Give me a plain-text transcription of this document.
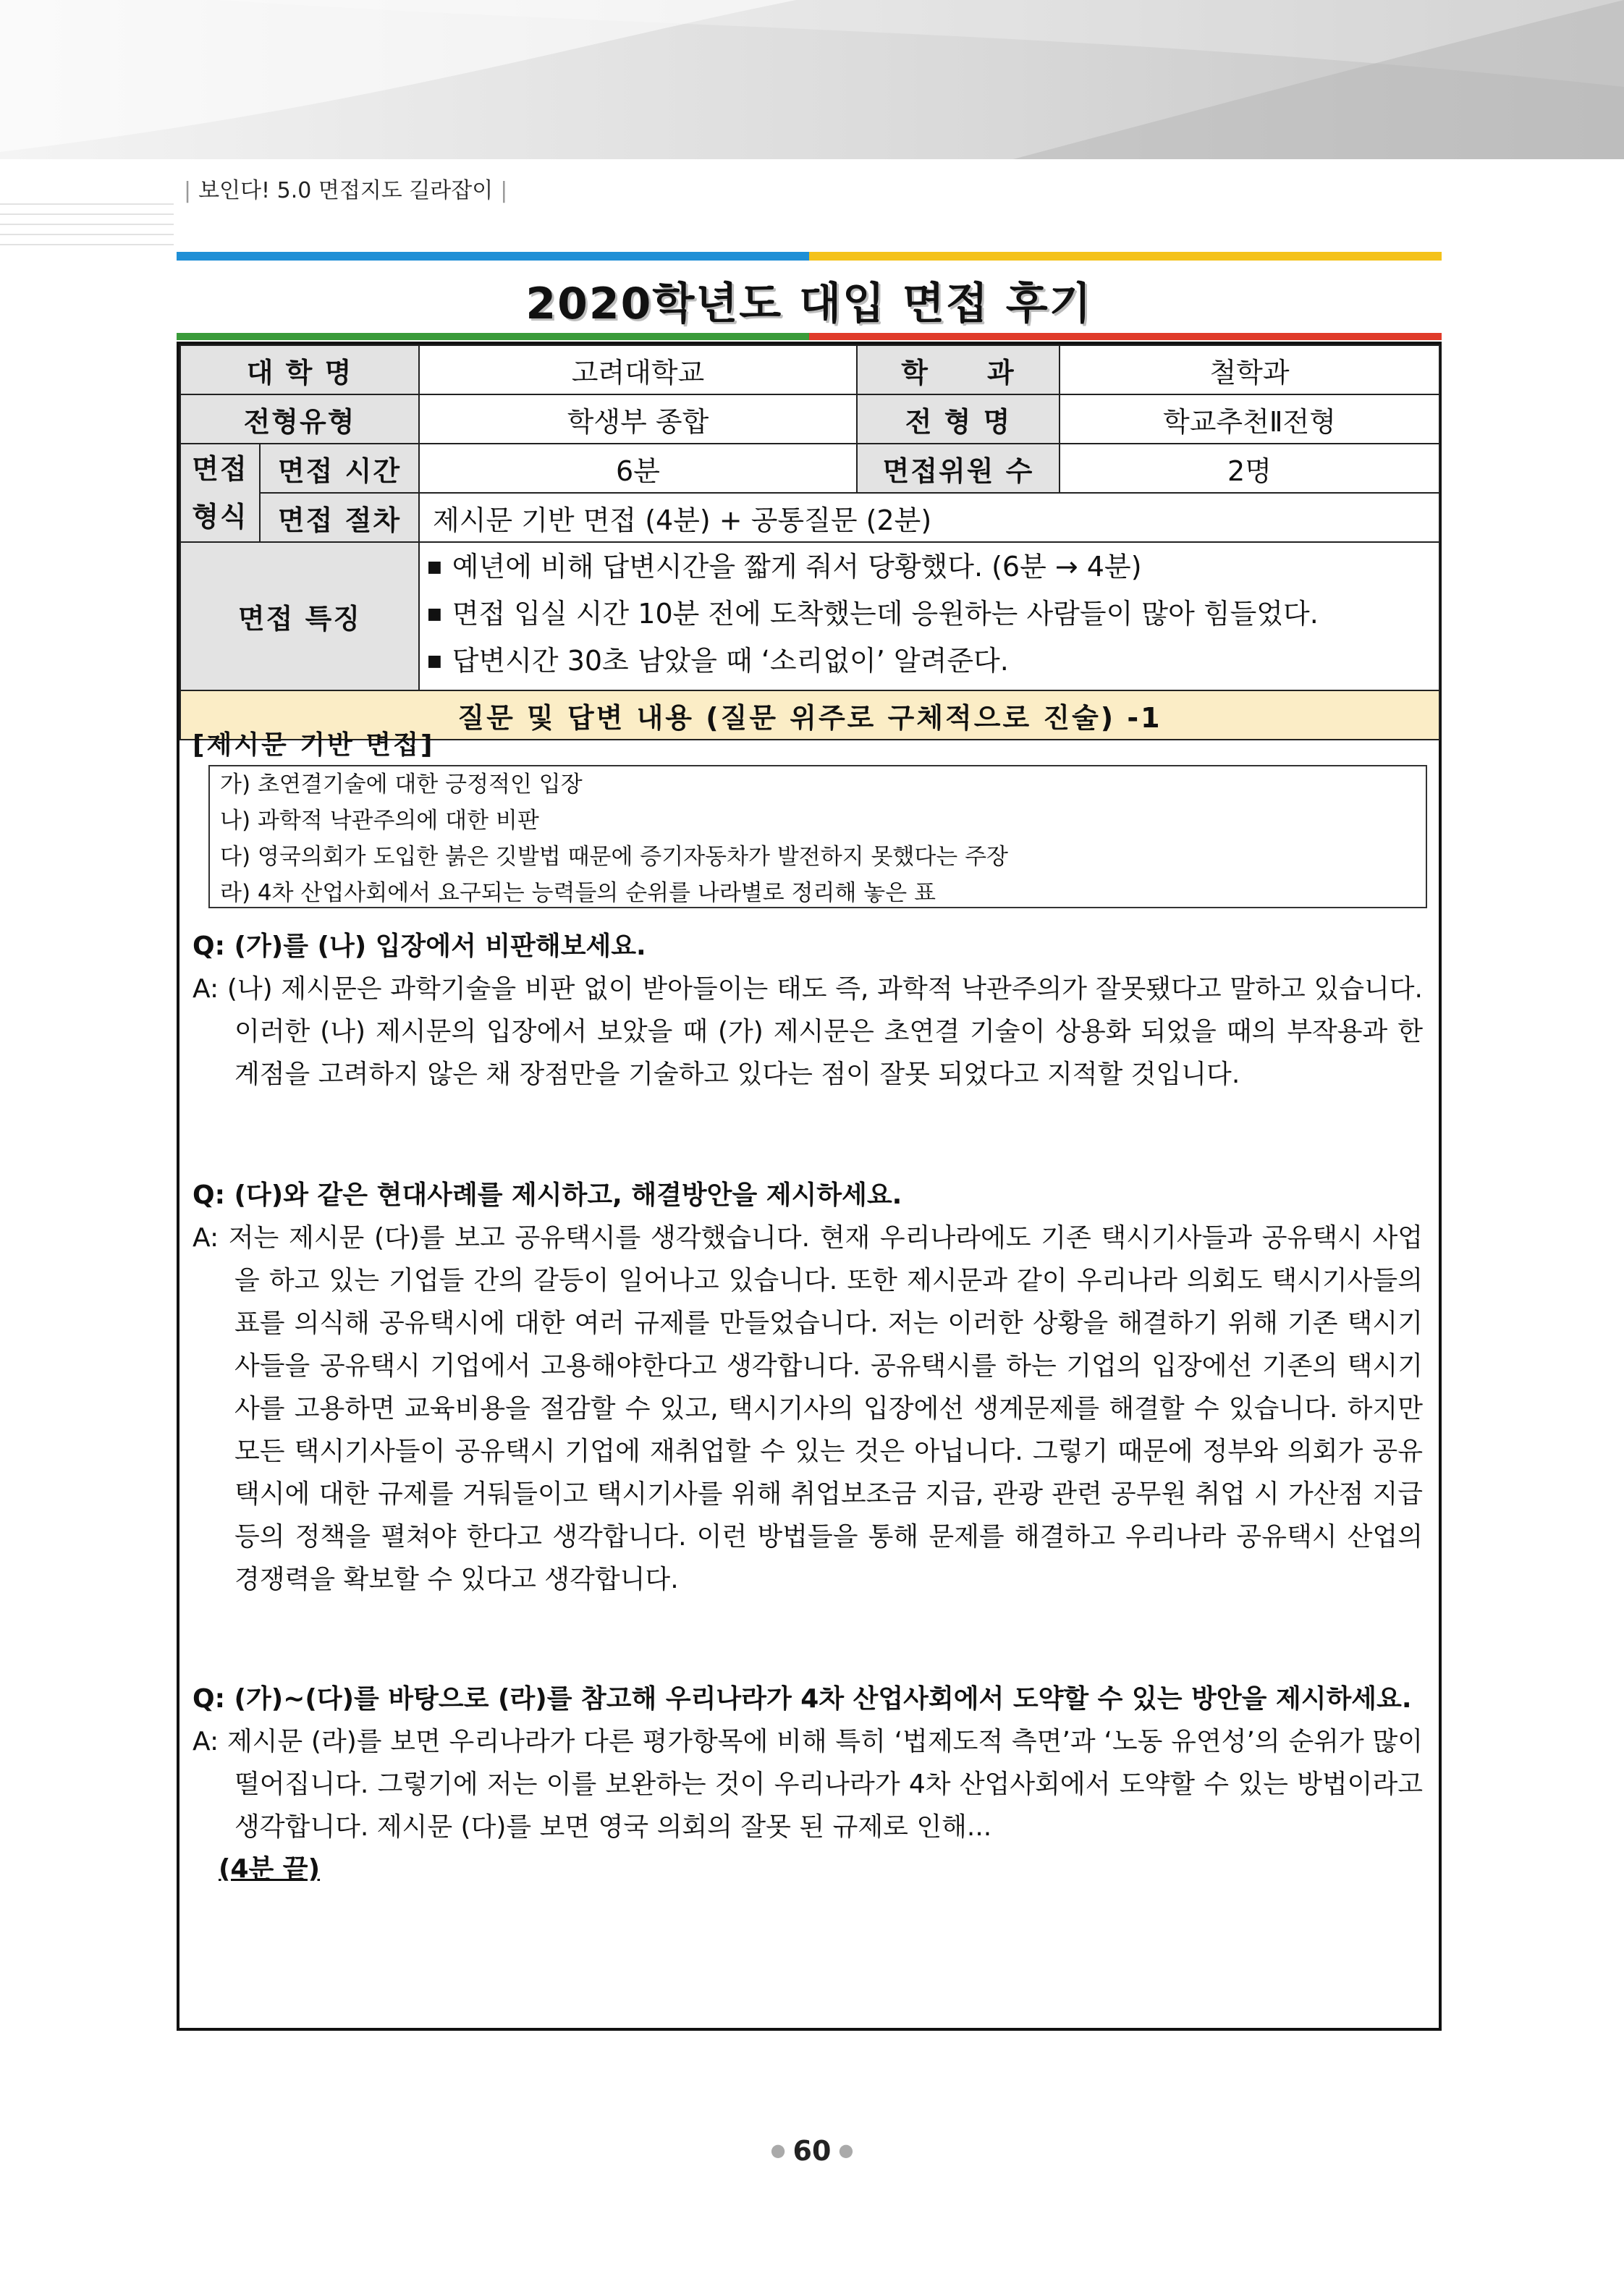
| 보인다! 5.0 면접지도 길라잡이 |
2020학년도 대입 면접 후기
대 학 명		고려대학교	학　　과	철학과
전형유형		학생부 종합	전 형 명	학교추천Ⅱ전형

면접
형식	면접 시간	6분	면접위원 수	2명
	면접 절차	제시문 기반 면접 (4분) + 공통질문 (2분)		
면접 특징		■ 예년에 비해 답변시간을 짧게 줘서 당황했다. (6분 → 4분)
■ 면접 입실 시간 10분 전에 도착했는데 응원하는 사람들이 많아 힘들었다.
■ 답변시간 30초 남았을 때 ‘소리없이’ 알려준다.

질문 및 답변 내용 (질문 위주로 구체적으로 진술) -1				
[제시문 기반 면접]
가) 초연결기술에 대한 긍정적인 입장
나) 과학적 낙관주의에 대한 비판
다) 영국의회가 도입한 붉은 깃발법 때문에 증기자동차가 발전하지 못했다는 주장
라) 4차 산업사회에서 요구되는 능력들의 순위를 나라별로 정리해 놓은 표
Q: (가)를 (나) 입장에서 비판해보세요.
A: (나) 제시문은 과학기술을 비판 없이 받아들이는 태도 즉, 과학적 낙관주의가 잘못됐다고 말하고 있습니다. 이러한 (나) 제시문의 입장에서 보았을 때 (가) 제시문은 초연결 기술이 상용화 되었을 때의 부작용과 한계점을 고려하지 않은 채 장점만을 기술하고 있다는 점이 잘못 되었다고 지적할 것입니다.
Q: (다)와 같은 현대사례를 제시하고, 해결방안을 제시하세요.
A: 저는 제시문 (다)를 보고 공유택시를 생각했습니다. 현재 우리나라에도 기존 택시기사들과 공유택시 사업을 하고 있는 기업들 간의 갈등이 일어나고 있습니다. 또한 제시문과 같이 우리나라 의회도 택시기사들의 표를 의식해 공유택시에 대한 여러 규제를 만들었습니다. 저는 이러한 상황을 해결하기 위해 기존 택시기사들을 공유택시 기업에서 고용해야한다고 생각합니다. 공유택시를 하는 기업의 입장에선 기존의 택시기사를 고용하면 교육비용을 절감할 수 있고, 택시기사의 입장에선 생계문제를 해결할 수 있습니다. 하지만 모든 택시기사들이 공유택시 기업에 재취업할 수 있는 것은 아닙니다. 그렇기 때문에 정부와 의회가 공유택시에 대한 규제를 거둬들이고 택시기사를 위해 취업보조금 지급, 관광 관련 공무원 취업 시 가산점 지급 등의 정책을 펼쳐야 한다고 생각합니다. 이런 방법들을 통해 문제를 해결하고 우리나라 공유택시 산업의 경쟁력을 확보할 수 있다고 생각합니다.
Q: (가)~(다)를 바탕으로 (라)를 참고해 우리나라가 4차 산업사회에서 도약할 수 있는 방안을 제시하세요.
A: 제시문 (라)를 보면 우리나라가 다른 평가항목에 비해 특히 ‘법제도적 측면’과 ‘노동 유연성’의 순위가 많이 떨어집니다. 그렇기에 저는 이를 보완하는 것이 우리나라가 4차 산업사회에서 도약할 수 있는 방법이라고 생각합니다. 제시문 (다)를 보면 영국 의회의 잘못 된 규제로 인해...
(4분 끝)
● 60 ●
